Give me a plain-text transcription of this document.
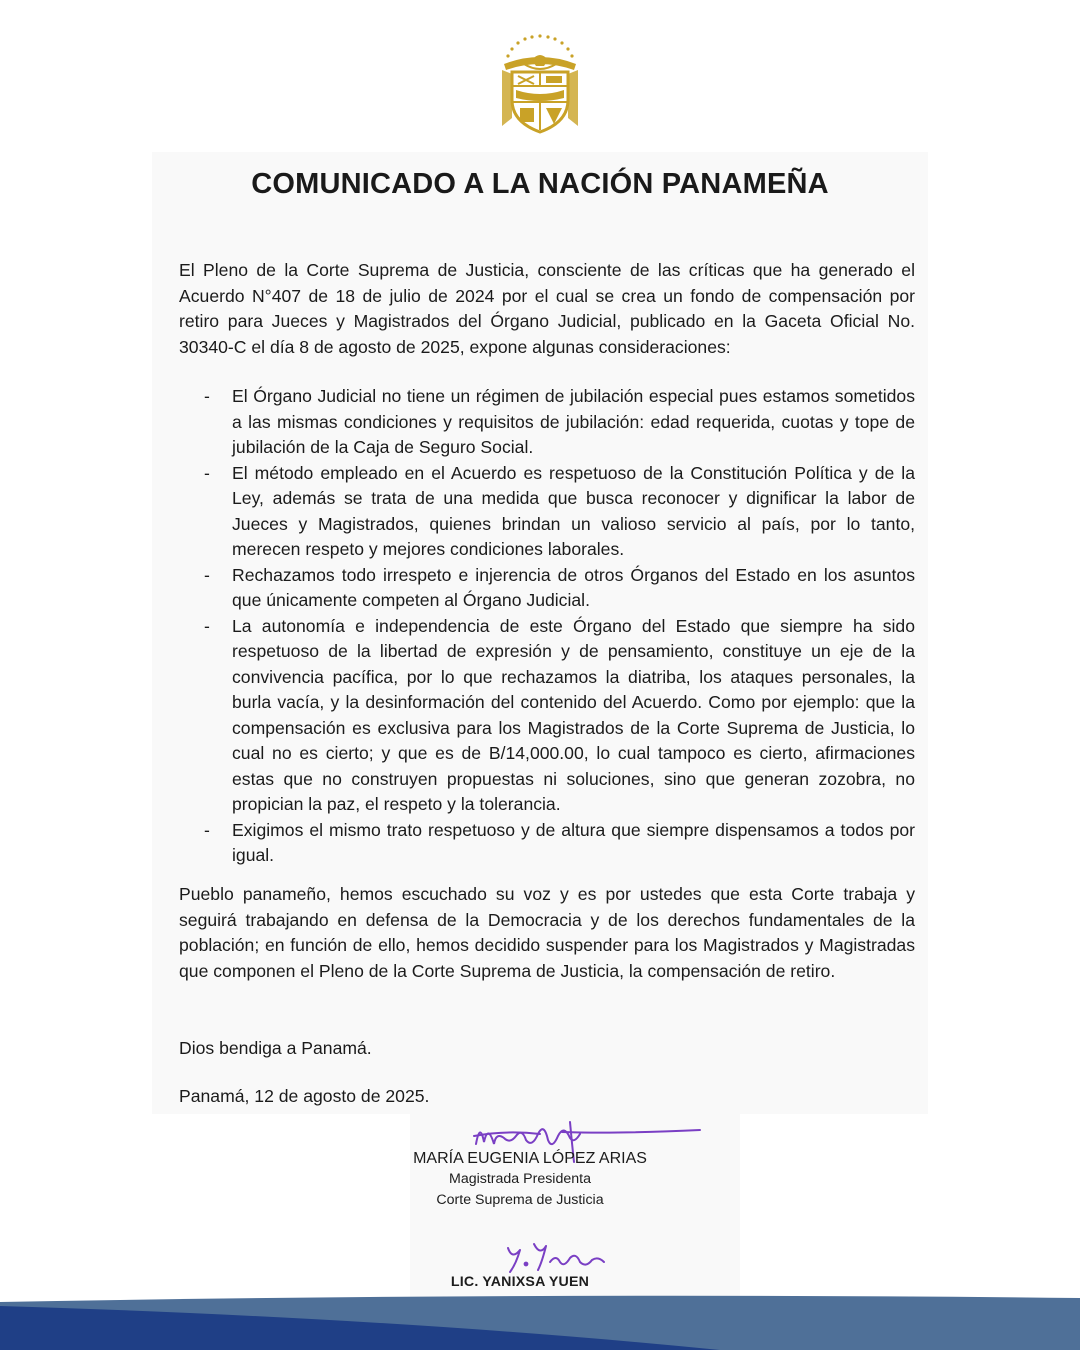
COMUNICADO A LA NACIÓN PANAMEÑA

El Pleno de la Corte Suprema de Justicia, consciente de las críticas que ha generado el Acuerdo N°407 de 18 de julio de 2024 por el cual se crea un fondo de compensación por retiro para Jueces y Magistrados del Órgano Judicial, publicado en la Gaceta Oficial No. 30340-C el día 8 de agosto de 2025, expone algunas consideraciones:

- El Órgano Judicial no tiene un régimen de jubilación especial pues estamos sometidos a las mismas condiciones y requisitos de jubilación: edad requerida, cuotas y tope de jubilación de la Caja de Seguro Social.
- El método empleado en el Acuerdo es respetuoso de la Constitución Política y de la Ley, además se trata de una medida que busca reconocer y dignificar la labor de Jueces y Magistrados, quienes brindan un valioso servicio al país, por lo tanto, merecen respeto y mejores condiciones laborales.
- Rechazamos todo irrespeto e injerencia de otros Órganos del Estado en los asuntos que únicamente competen al Órgano Judicial.
- La autonomía e independencia de este Órgano del Estado que siempre ha sido respetuoso de la libertad de expresión y de pensamiento, constituye un eje de la convivencia pacífica, por lo que rechazamos la diatriba, los ataques personales, la burla vacía, y la desinformación del contenido del Acuerdo. Como por ejemplo: que la compensación es exclusiva para los Magistrados de la Corte Suprema de Justicia, lo cual no es cierto; y que es de B/14,000.00, lo cual tampoco es cierto, afirmaciones estas que no construyen propuestas ni soluciones, sino que generan zozobra, no propician la paz, el respeto y la tolerancia.
- Exigimos el mismo trato respetuoso y de altura que siempre dispensamos a todos por igual.

Pueblo panameño, hemos escuchado su voz y es por ustedes que esta Corte trabaja y seguirá trabajando en defensa de la Democracia y de los derechos fundamentales de la población; en función de ello, hemos decidido suspender para los Magistrados y Magistradas que componen el Pleno de la Corte Suprema de Justicia, la compensación de retiro.

Dios bendiga a Panamá.

Panamá, 12 de agosto de 2025.

MARÍA EUGENIA LÓPEZ ARIAS

Magistrada Presidenta

Corte Suprema de Justicia

LIC. YANIXSA YUEN
